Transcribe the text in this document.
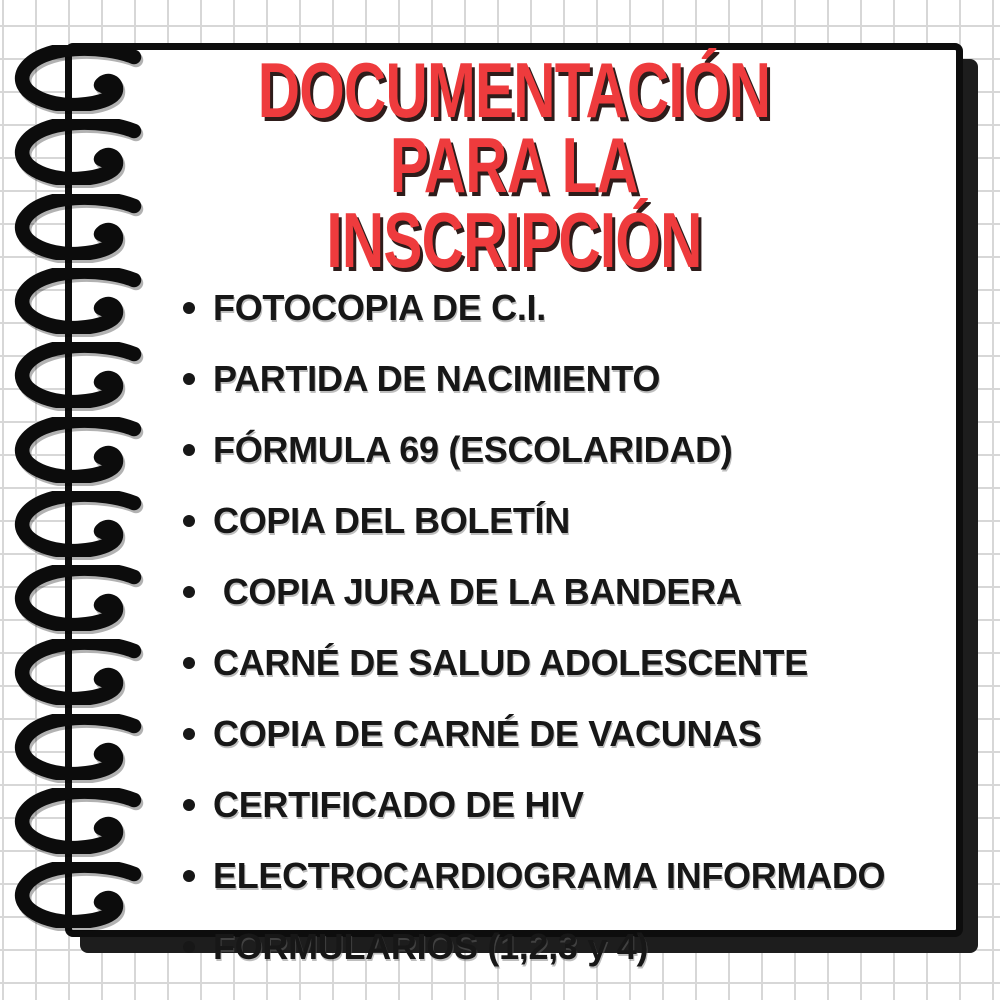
DOCUMENTACIÓN PARA LA
INSCRIPCIÓN
FOTOCOPIA DE C.I.
PARTIDA DE NACIMIENTO
FÓRMULA 69 (ESCOLARIDAD)
COPIA DEL BOLETÍN
COPIA JURA DE LA BANDERA
CARNÉ DE SALUD ADOLESCENTE
COPIA DE CARNÉ DE VACUNAS
CERTIFICADO DE HIV
ELECTROCARDIOGRAMA INFORMADO
FORMULARIOS (1,2,3 y 4)
